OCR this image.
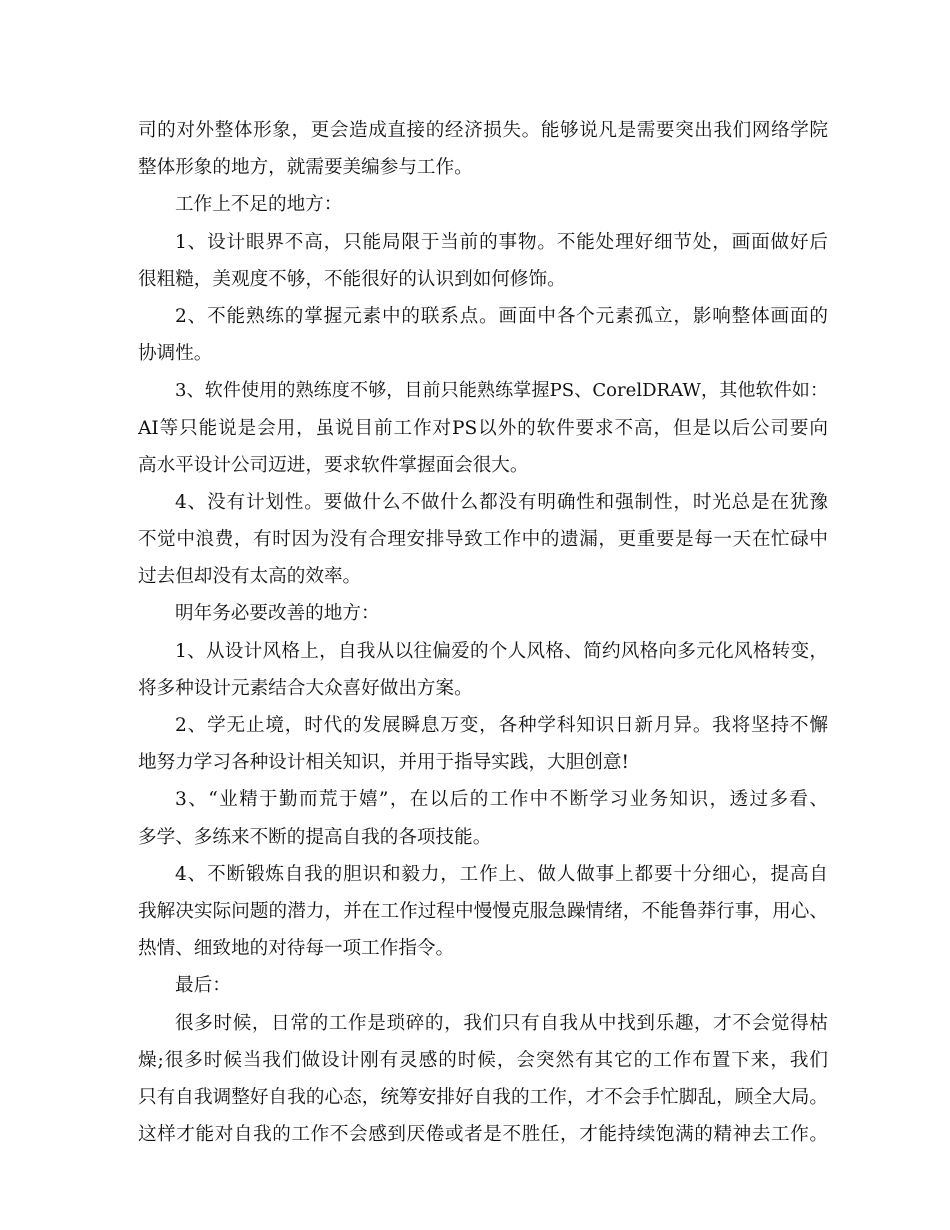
司的对外整体形象，更会造成直接的经济损失。能够说凡是需要突出我们网络学院
整体形象的地方，就需要美编参与工作。
工作上不足的地方：
1、设计眼界不高，只能局限于当前的事物。不能处理好细节处，画面做好后
很粗糙，美观度不够，不能很好的认识到如何修饰。
2、不能熟练的掌握元素中的联系点。画面中各个元素孤立，影响整体画面的
协调性。
3、软件使用的熟练度不够，目前只能熟练掌握PS、CorelDRAW，其他软件如：
AI等只能说是会用，虽说目前工作对PS以外的软件要求不高，但是以后公司要向
高水平设计公司迈进，要求软件掌握面会很大。
4、没有计划性。要做什么不做什么都没有明确性和强制性，时光总是在犹豫
不觉中浪费，有时因为没有合理安排导致工作中的遗漏，更重要是每一天在忙碌中
过去但却没有太高的效率。
明年务必要改善的地方：
1、从设计风格上，自我从以往偏爱的个人风格、简约风格向多元化风格转变，
将多种设计元素结合大众喜好做出方案。
2、学无止境，时代的发展瞬息万变，各种学科知识日新月异。我将坚持不懈
地努力学习各种设计相关知识，并用于指导实践，大胆创意!
3、“业精于勤而荒于嬉”，在以后的工作中不断学习业务知识，透过多看、
多学、多练来不断的提高自我的各项技能。
4、不断锻炼自我的胆识和毅力，工作上、做人做事上都要十分细心，提高自
我解决实际问题的潜力，并在工作过程中慢慢克服急躁情绪，不能鲁莽行事，用心、
热情、细致地的对待每一项工作指令。
最后：
很多时候，日常的工作是琐碎的，我们只有自我从中找到乐趣，才不会觉得枯
燥;很多时候当我们做设计刚有灵感的时候，会突然有其它的工作布置下来，我们
只有自我调整好自我的心态，统筹安排好自我的工作，才不会手忙脚乱，顾全大局。
这样才能对自我的工作不会感到厌倦或者是不胜任，才能持续饱满的精神去工作。
